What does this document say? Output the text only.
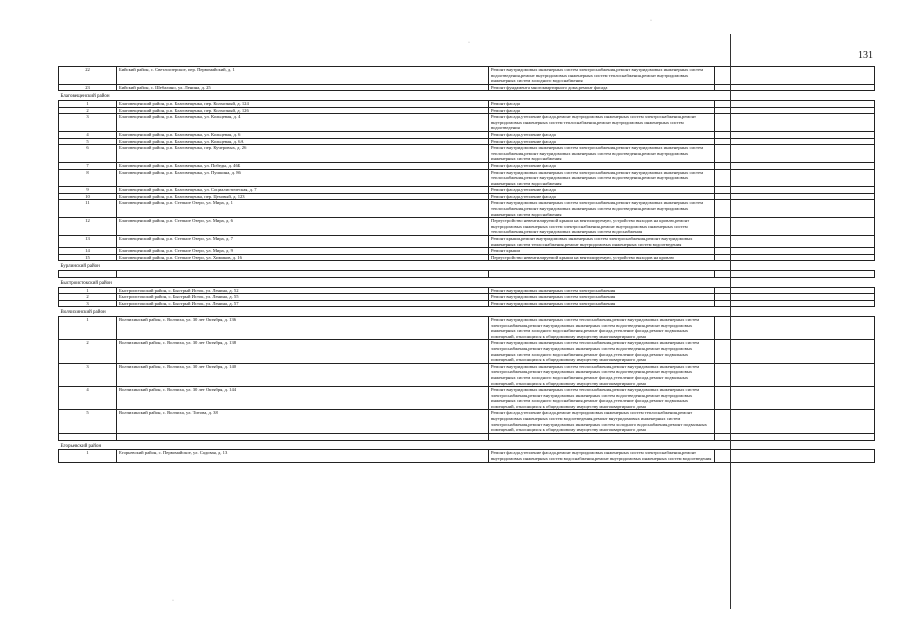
131
22	Бийский район, с. Светлоозерское, пер. Первомайский, д. 1	Ремонт внутридомовых инженерных систем электроснабжения,ремонт внутридомовых инженерных систем водоотведения,ремонт внутридомовых инженерных систем теплоснабжения,ремонт внутридомовых инженерных систем холодного водоснабжения	
23	Бийский район, с. Шебалино, ул. Ленина, д. 25	Ремонт фундамента многоквартирного дома,ремонт фасада	
Благовещенский район			
1	Благовещенский район, р.п. Благовещенка, пер. Колхозный, д. 124	Ремонт фасада	
2	Благовещенский район, р.п. Благовещенка, пер. Колхозный, д. 126	Ремонт фасада	
3	Благовещенский район, р.п. Благовещенка, ул. Кольцевая, д. 4	Ремонт фасада,утепление фасада,ремонт внутридомовых инженерных систем электроснабжения,ремонт внутридомовых инженерных систем теплоснабжения,ремонт внутридомовых инженерных систем водоотведения	
4	Благовещенский район, р.п. Благовещенка, ул. Кольцевая, д. 6	Ремонт фасада,утепление фасада	
5	Благовещенский район, р.п. Благовещенка, ул. Кольцевая, д. 6А	Ремонт фасада,утепление фасада	
6	Благовещенский район, р.п. Благовещенка, пер. Кучеровых, д. 26	Ремонт внутридомовых инженерных систем электроснабжения,ремонт внутридомовых инженерных систем теплоснабжения,ремонт внутридомовых инженерных систем водоотведения,ремонт внутридомовых инженерных систем водоснабжения	
7	Благовещенский район, р.п. Благовещенка, ул. Победы, д. 46Б	Ремонт фасада,утепление фасада	
8	Благовещенский район, р.п. Благовещенка, ул. Пушкина, д. 86	Ремонт внутридомовых инженерных систем электроснабжения,ремонт внутридомовых инженерных систем теплоснабжения,ремонт внутридомовых инженерных систем водоотведения,ремонт внутридомовых инженерных систем водоснабжения	
9	Благовещенский район, р.п. Благовещенка, ул. Социалистическая, д. 7	Ремонт фасада,утепление фасада	
10	Благовещенский район, р.п. Благовещенка, пер. Цеховый, д. 123	Ремонт фасада,утепление фасада	
11	Благовещенский район, р.п. Степное Озеро, ул. Мира, д. 1	Ремонт внутридомовых инженерных систем электроснабжения,ремонт внутридомовых инженерных систем теплоснабжения,ремонт внутридомовых инженерных систем водоотведения,ремонт внутридомовых инженерных систем водоснабжения	
12	Благовещенский район, р.п. Степное Озеро, ул. Мира, д. 6	Переустройство невентилируемой крыши на вентилируемую, устройство выходов на кровлю,ремонт внутридомовых инженерных систем электроснабжения,ремонт внутридомовых инженерных систем теплоснабжения,ремонт внутридомовых инженерных систем водоснабжения	
13	Благовещенский район, р.п. Степное Озеро, ул. Мира, д. 7	Ремонт крыши,ремонт внутридомовых инженерных систем электроснабжения,ремонт внутридомовых инженерных систем теплоснабжения,ремонт внутридомовых инженерных систем водоотведения	
14	Благовещенский район, р.п. Степное Озеро, ул. Мира, д. 9	Ремонт крыши	
15	Благовещенский район, р.п. Степное Озеро, ул. Химиков, д. 16	Переустройство невентилируемой крыши на вентилируемую, устройство выходов на кровлю	
Бурлинский район			

Быстроистокский район			
1	Быстроистокский район, с. Быстрый Исток, ул. Ленина, д. 52	Ремонт внутридомовых инженерных систем электроснабжения	
2	Быстроистокский район, с. Быстрый Исток, ул. Ленина, д. 55	Ремонт внутридомовых инженерных систем электроснабжения	
3	Быстроистокский район, с. Быстрый Исток, ул. Ленина, д. 57	Ремонт внутридомовых инженерных систем электроснабжения	
Волчихинский район			
1	Волчихинский район, с. Волчиха, ул. 30 лет Октября, д. 136	Ремонт внутридомовых инженерных систем теплоснабжения,ремонт внутридомовых инженерных систем электроснабжения,ремонт внутридомовых инженерных систем водоотведения,ремонт внутридомовых инженерных систем холодного водоснабжения,ремонт фасада,утепление фасада,ремонт подвальных помещений, относящихся к общедомовому имуществу многоквартирного дома	
2	Волчихинский район, с. Волчиха, ул. 30 лет Октября, д. 138	Ремонт внутридомовых инженерных систем теплоснабжения,ремонт внутридомовых инженерных систем электроснабжения,ремонт внутридомовых инженерных систем водоотведения,ремонт внутридомовых инженерных систем холодного водоснабжения,ремонт фасада,утепление фасада,ремонт подвальных помещений, относящихся к общедомовому имуществу многоквартирного дома	
3	Волчихинский район, с. Волчиха, ул. 30 лет Октября, д. 140	Ремонт внутридомовых инженерных систем теплоснабжения,ремонт внутридомовых инженерных систем электроснабжения,ремонт внутридомовых инженерных систем водоотведения,ремонт внутридомовых инженерных систем холодного водоснабжения,ремонт фасада,утепление фасада,ремонт подвальных помещений, относящихся к общедомовому имуществу многоквартирного дома	
4	Волчихинский район, с. Волчиха, ул. 30 лет Октября, д. 144	Ремонт внутридомовых инженерных систем теплоснабжения,ремонт внутридомовых инженерных систем электроснабжения,ремонт внутридомовых инженерных систем водоотведения,ремонт внутридомовых инженерных систем холодного водоснабжения,ремонт фасада,утепление фасада,ремонт подвальных помещений, относящихся к общедомовому имуществу многоквартирного дома	
5	Волчихинский район, с. Волчиха, ул. Титова, д. 38	Ремонт фасада,утепление фасада,ремонт внутридомовых инженерных систем теплоснабжения,ремонт внутридомовых инженерных систем водоотведения,ремонт внутридомовых инженерных систем электроснабжения,ремонт внутридомовых инженерных систем холодного водоснабжения,ремонт подвальных помещений, относящихся к общедомовому имуществу многоквартирного дома	

Егорьевский район			
1	Егорьевский район, с. Первомайское, ул. Садовая, д. 13	Ремонт фасада,утепление фасада,ремонт внутридомовых инженерных систем электроснабжения,ремонт внутридомовых инженерных систем водоснабжения,ремонт внутридомовых инженерных систем водоотведения	
·
·
·
